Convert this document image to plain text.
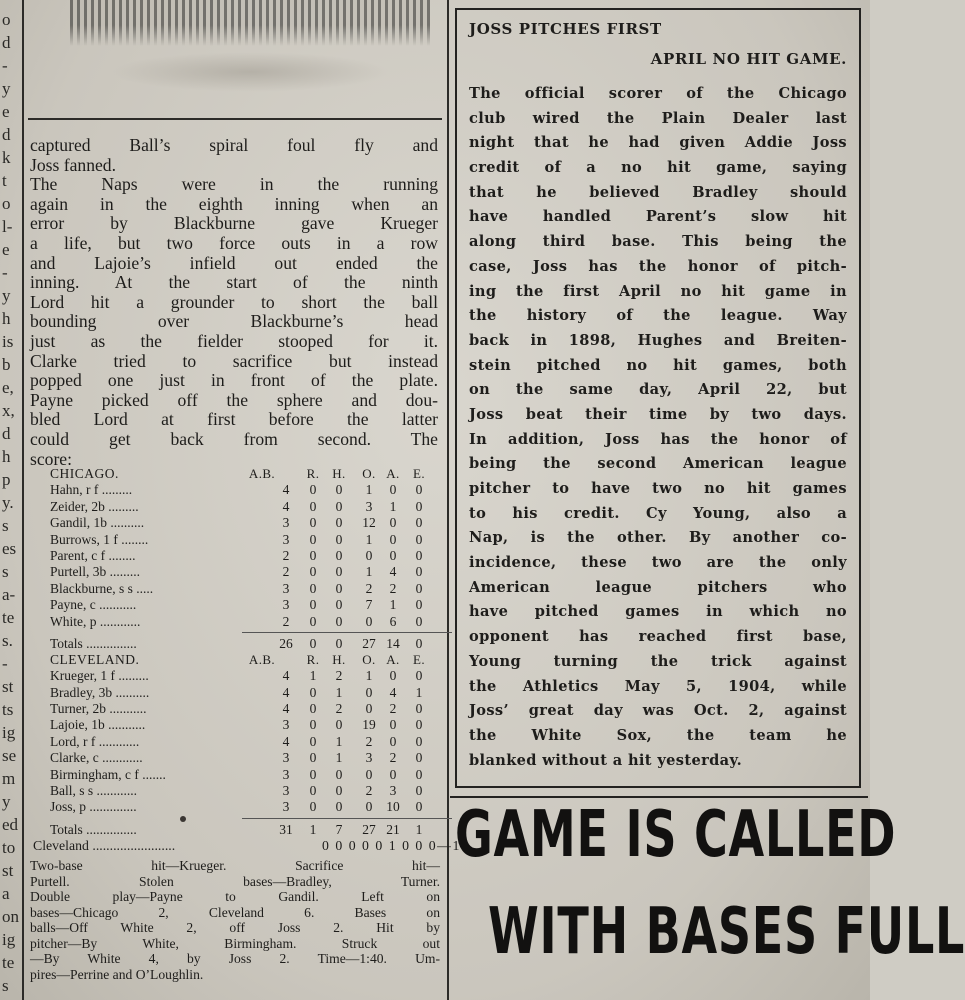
o
d
-
y
e
d
k
t
o
l-
e
-
y
h
is
b
e,
x,
d
h
p
y.
s
es
s
a-
te
s.
-
st
ts
ig
se
m
y
ed
to
st
a
on
ig
te
s
captured Ball’s spiral foul fly and
Joss fanned.
The Naps were in the running
again in the eighth inning when an
error by Blackburne gave Krueger
a life, but two force outs in a row
and Lajoie’s infield out ended the
inning. At the start of the ninth
Lord hit a grounder to short the ball
bounding over Blackburne’s head
just as the fielder stooped for it.
Clarke tried to sacrifice but instead
popped one just in front of the plate.
Payne picked off the sphere and dou-
bled Lord at first before the latter
could get back from second. The
score:
CHICAGO.	A.B.	R. H.	O. A.	E.
Hahn, r f .........	4	0	0	1	0	0
Zeider, 2b .........	4	0	0	3	1	0
Gandil, 1b ..........	3	0	0	12	0	0
Burrows, 1 f ........	3	0	0	1	0	0
Parent, c f ........	2	0	0	0	0	0
Purtell, 3b .........	2	0	0	1	4	0
Blackburne, s s .....	3	0	0	2	2	0
Payne, c ...........	3	0	0	7	1	0
White, p ............	2	0	0	0	6	0
Totals ...............	26	0	0	27 14	0
CLEVELAND.	A.B.	R. H.	O. A.	E.
Krueger, 1 f .........	4	1	2	1	0	0
Bradley, 3b ..........	4	0	1	0	4	1
Turner, 2b ...........	4	0	2	0	2	0
Lajoie, 1b ...........	3	0	0	19	0	0
Lord, r f ............	4	0	1	2	0	0
Clarke, c ............	3	0	1	3	2	0
Birmingham, c f .......	3	0	0	0	0	0
Ball, s s ............	3	0	0	2	3	0
Joss, p ..............	3	0	0	0	10	0
Totals ...............	31	1	7	27 21	1
Cleveland ........................	0 0 0 0 0 1 0 0 0—1
Two-base hit—Krueger. Sacrifice hit—
Purtell. Stolen bases—Bradley, Turner.
Double play—Payne to Gandil. Left on
bases—Chicago 2, Cleveland 6. Bases on
balls—Off White 2, off Joss 2. Hit by
pitcher—By White, Birmingham. Struck out
—By White 4, by Joss 2. Time—1:40. Um-
pires—Perrine and O’Loughlin.
JOSS PITCHES FIRST
APRIL NO HIT GAME.
The official scorer of the Chicago
club wired the Plain Dealer last
night that he had given Addie Joss
credit of a no hit game, saying
that he believed Bradley should
have handled Parent’s slow hit
along third base. This being the
case, Joss has the honor of pitch-
ing the first April no hit game in
the history of the league. Way
back in 1898, Hughes and Breiten-
stein pitched no hit games, both
on the same day, April 22, but
Joss beat their time by two days.
In addition, Joss has the honor of
being the second American league
pitcher to have two no hit games
to his credit. Cy Young, also a
Nap, is the other. By another co-
incidence, these two are the only
American league pitchers who
have pitched games in which no
opponent has reached first base,
Young turning the trick against
the Athletics May 5, 1904, while
Joss’ great day was Oct. 2, against
the White Sox, the team he
blanked without a hit yesterday.
GAME IS CALLED
WITH BASES FULL
